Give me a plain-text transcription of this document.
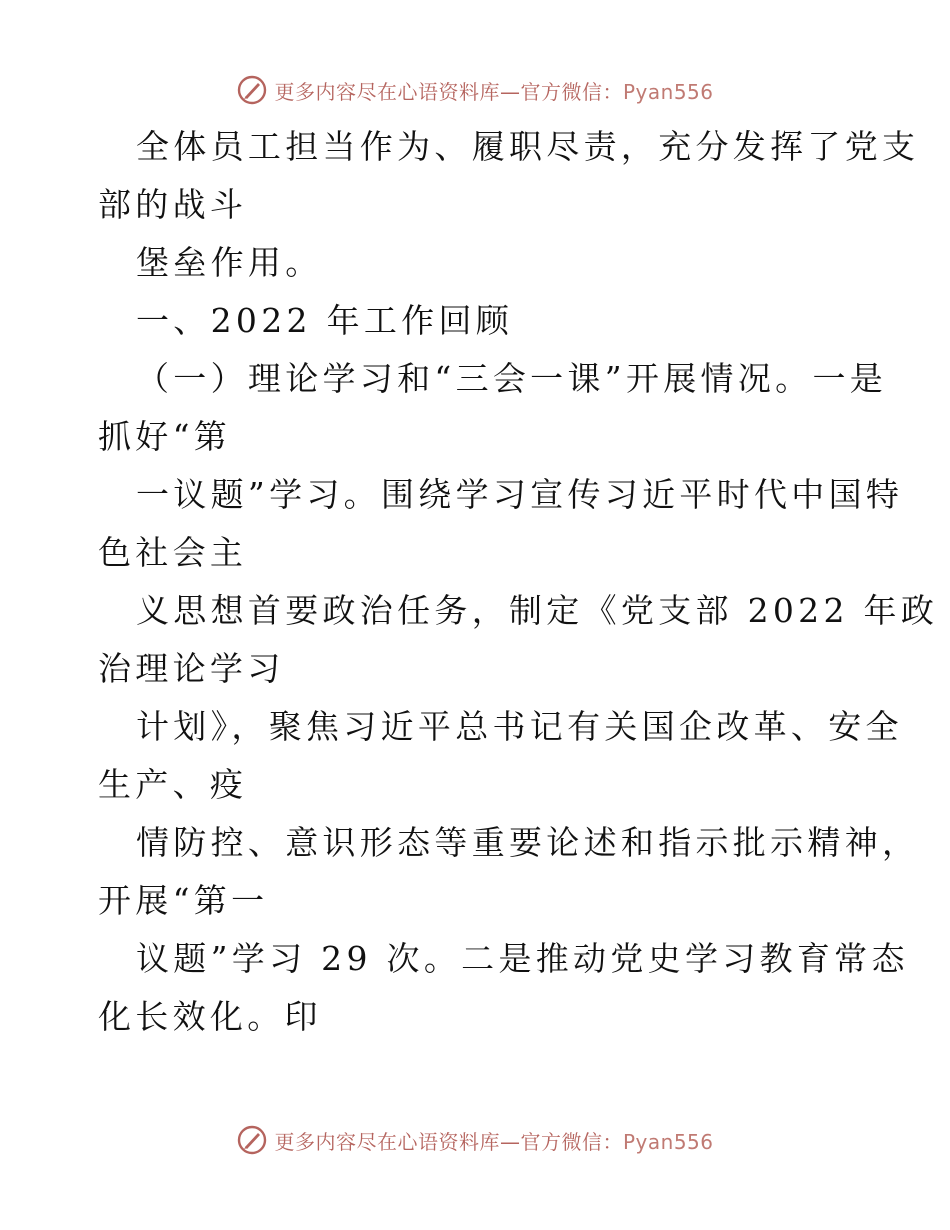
更多内容尽在心语资料库—官方微信：Pyan556
全体员工担当作为、履职尽责，充分发挥了党支
部的战斗
堡垒作用。
一、2022 年工作回顾
（一）理论学习和“三会一课”开展情况。一是
抓好“第
一议题”学习。围绕学习宣传习近平时代中国特
色社会主
义思想首要政治任务，制定《党支部 2022 年政
治理论学习
计划》，聚焦习近平总书记有关国企改革、安全
生产、疫
情防控、意识形态等重要论述和指示批示精神，
开展“第一
议题”学习 29 次。二是推动党史学习教育常态
化长效化。印
更多内容尽在心语资料库—官方微信：Pyan556
